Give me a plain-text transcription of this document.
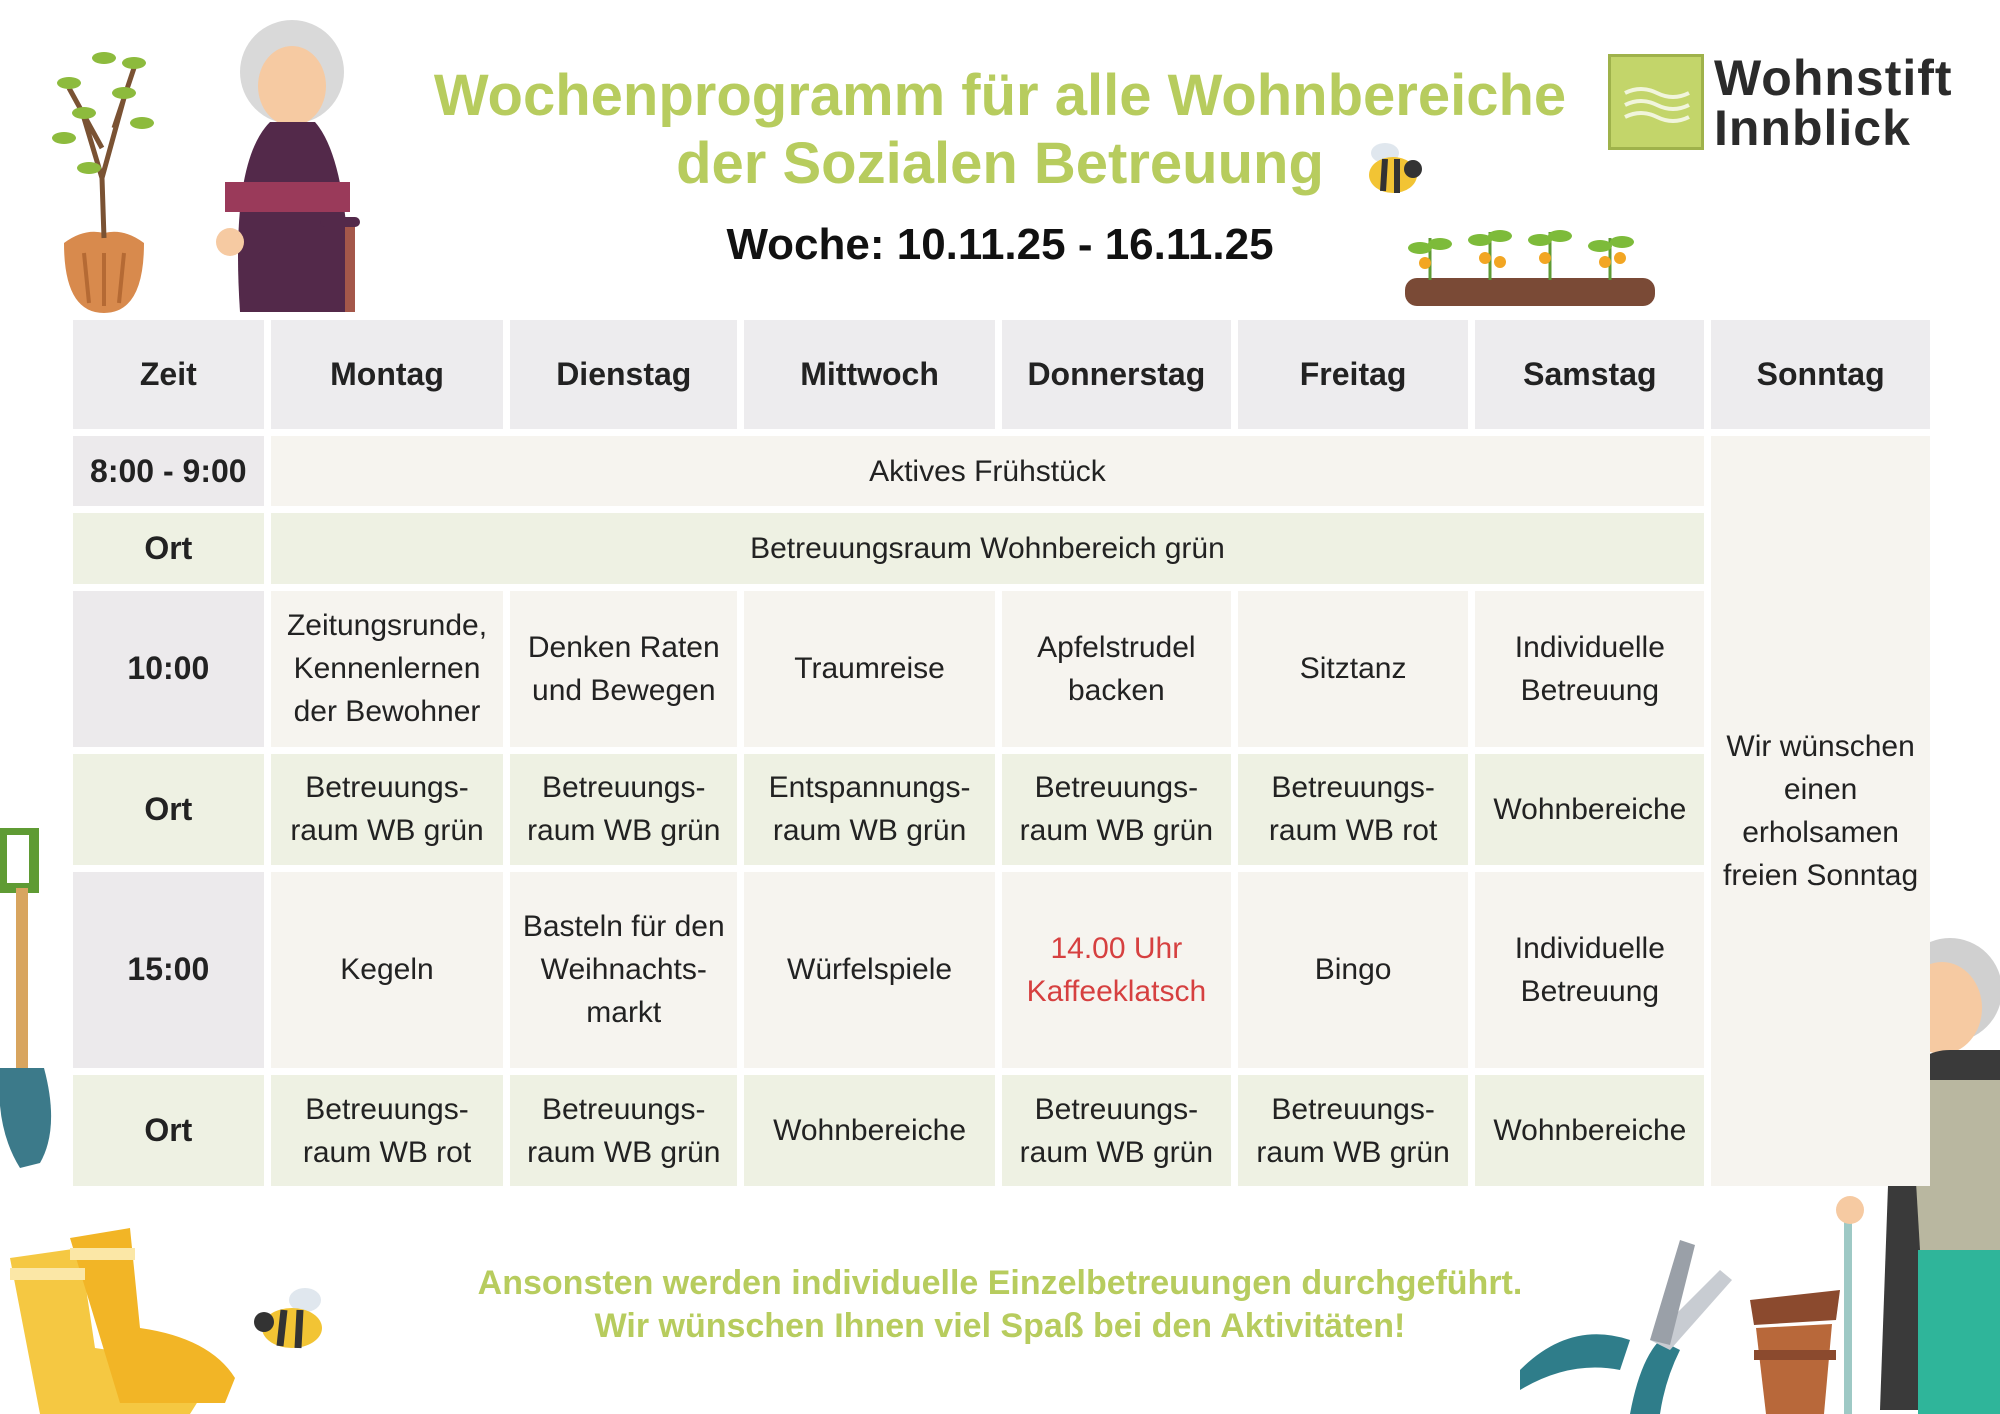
Wochenprogramm für alle Wohnbereiche
der Sozialen Betreuung
Woche: 10.11.25 - 16.11.25
Wohnstift
Innblick
Zeit	Montag	Dienstag	Mittwoch	Donnerstag	Freitag	Samstag	Sonntag
8:00 - 9:00	Aktives Frühstück						Wir wünschen einen erholsamen freien Sonntag
Ort	Betreuungsraum Wohnbereich grün						
10:00	Zeitungsrunde, Kennenlernen der Bewohner	Denken Raten und Bewegen	Traumreise	Apfelstrudel backen	Sitztanz	Individuelle Betreuung	
Ort	Betreuungs-raum WB grün	Betreuungs-raum WB grün	Entspannungs-raum WB grün	Betreuungs-raum WB grün	Betreuungs-raum WB rot	Wohnbereiche	
15:00	Kegeln	Basteln für den Weihnachts-markt	Würfelspiele	14.00 Uhr Kaffeeklatsch	Bingo	Individuelle Betreuung	
Ort	Betreuungs-raum WB rot	Betreuungs-raum WB grün	Wohnbereiche	Betreuungs-raum WB grün	Betreuungs-raum WB grün	Wohnbereiche	
Ansonsten werden individuelle Einzelbetreuungen durchgeführt.
Wir wünschen Ihnen viel Spaß bei den Aktivitäten!
